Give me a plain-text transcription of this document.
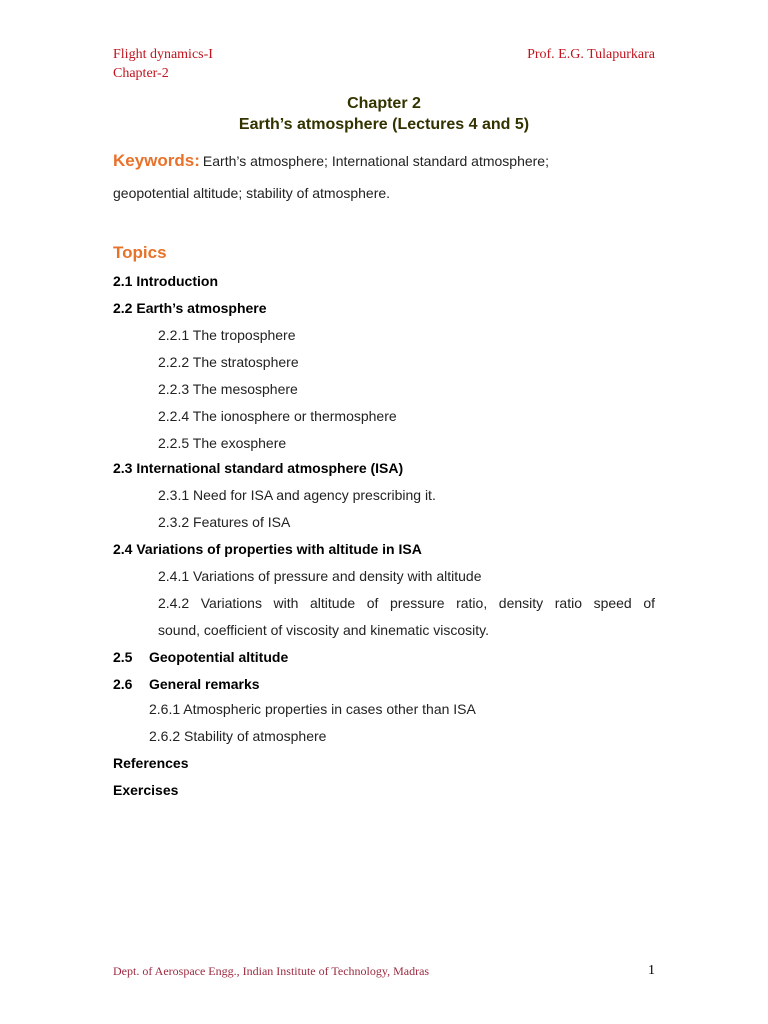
Flight dynamics-I
Chapter-2
Prof. E.G. Tulapurkara
Chapter 2
Earth’s atmosphere (Lectures 4 and 5)
Keywords: Earth’s atmosphere; International standard atmosphere;
geopotential altitude; stability of atmosphere.
Topics
2.1 Introduction
2.2 Earth’s atmosphere
2.2.1 The troposphere
2.2.2 The stratosphere
2.2.3 The mesosphere
2.2.4 The ionosphere or thermosphere
2.2.5 The exosphere
2.3 International standard atmosphere (ISA)
2.3.1 Need for ISA and agency prescribing it.
2.3.2 Features of ISA
2.4 Variations of properties with altitude in ISA
2.4.1 Variations of pressure and density with altitude
2.4.2 Variations with altitude of pressure ratio, density ratio speed of
sound, coefficient of viscosity and kinematic viscosity.
2.5 Geopotential altitude
2.6 General remarks
2.6.1 Atmospheric properties in cases other than ISA
2.6.2 Stability of atmosphere
References
Exercises
Dept. of Aerospace Engg., Indian Institute of Technology, Madras	1
